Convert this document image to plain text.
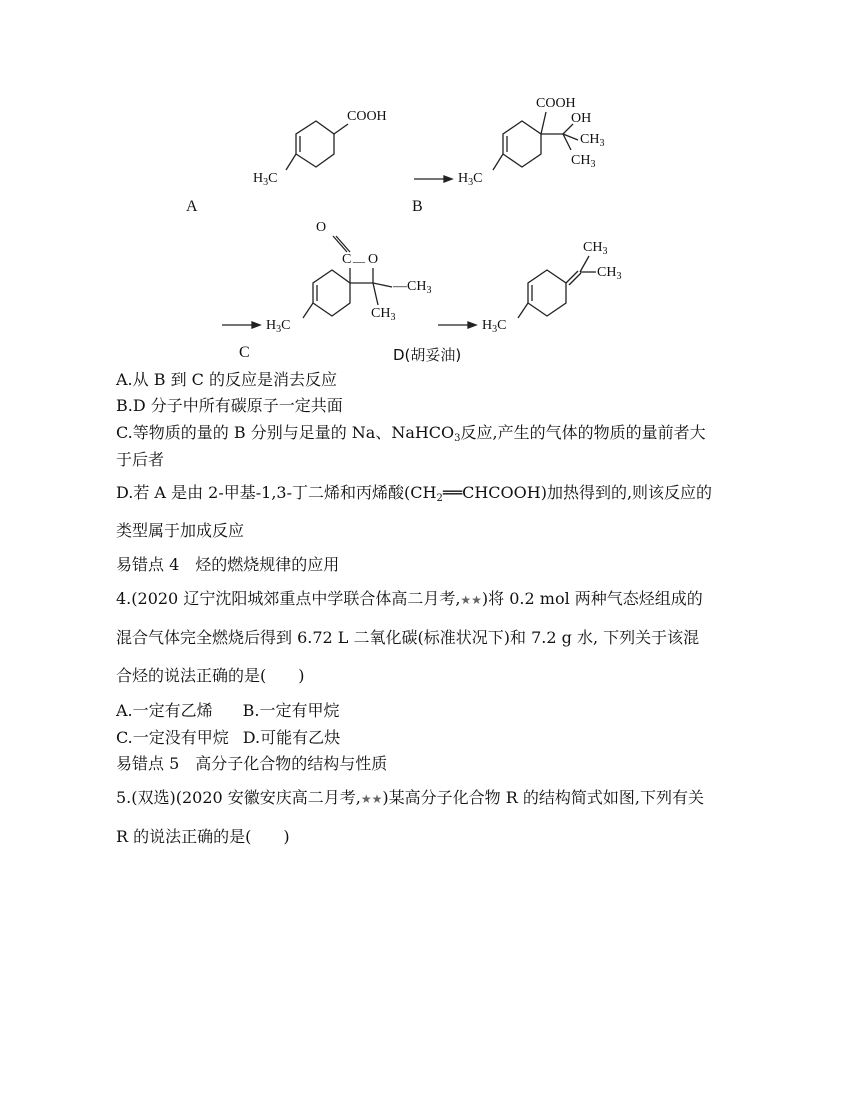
COOH
$H_3C$
A
COOH
OH
$CH_3$
$CH_3$
$H_3C$
B
O
C — O
$—CH_3$
$CH_3$
$H_3C$
C
$CH_3$
$CH_3$
$H_3C$
D(胡妥油)
A.从 B 到 C 的反应是消去反应
B.D 分子中所有碳原子一定共面
C.等物质的量的 B 分别与足量的 Na、NaHCO$_3$反应,产生的气体的物质的量前者大
于后者
D.若 A 是由 2-甲基-1,3-丁二烯和丙烯酸$(CH_2══CHCOOH)$加热得到的,则该反应的
类型属于加成反应
易错点 4　烃的燃烧规律的应用
4.(2020 辽宁沈阳城郊重点中学联合体高二月考,★★)将 0.2 mol 两种气态烃组成的
混合气体完全燃烧后得到 6.72 L 二氧化碳(标准状况下)和 7.2 g 水, 下列关于该混
合烃的说法正确的是(　　)
A.一定有乙烯 B.一定有甲烷
C.一定没有甲烷 D.可能有乙炔
易错点 5　高分子化合物的结构与性质
5.(双选)(2020 安徽安庆高二月考,★★)某高分子化合物 R 的结构简式如图,下列有关
R 的说法正确的是(　　)
